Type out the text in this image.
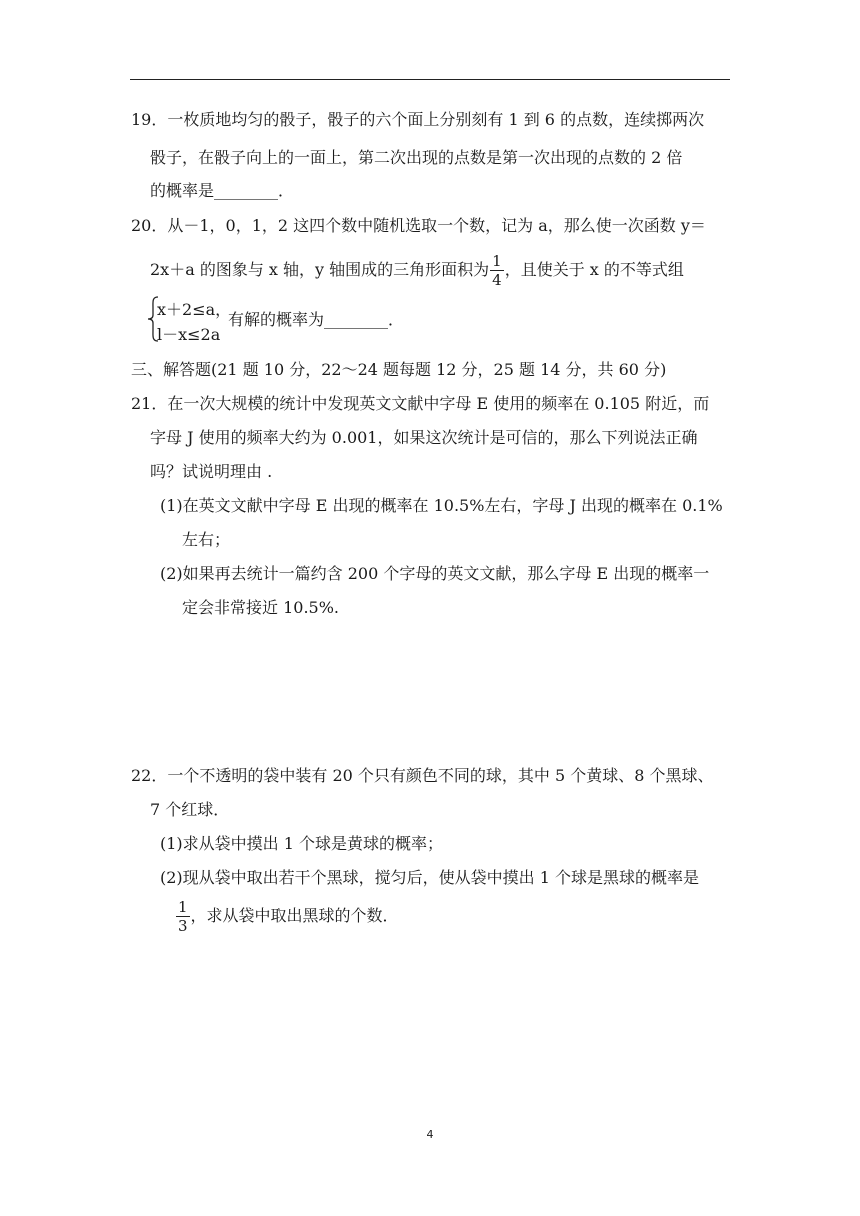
19．一枚质地均匀的骰子，骰子的六个面上分别刻有 1 到 6 的点数，连续掷两次
骰子，在骰子向上的一面上，第二次出现的点数是第一次出现的点数的 2 倍
的概率是________．
20．从－1，0，1，2 这四个数中随机选取一个数，记为 a，那么使一次函数 y＝
2x＋a 的图象与 x 轴，y 轴围成的三角形面积为 $\frac{1}{4}$ ，且使关于 x 的不等式组
x＋2≤a，
l－x≤2a
有解的概率为________．
三、解答题(21 题 10 分，22～24 题每题 12 分，25 题 14 分，共 60 分)
21．在一次大规模的统计中发现英文文献中字母 E 使用的频率在 0.105 附近，而
字母 J 使用的频率大约为 0.001，如果这次统计是可信的，那么下列说法正确
吗？试说明理由 .
(1)在英文文献中字母 E 出现的概率在 10.5%左右，字母 J 出现的概率在 0.1%
左右；
(2)如果再去统计一篇约含 200 个字母的英文文献，那么字母 E 出现的概率一
定会非常接近 10.5%.
22．一个不透明的袋中装有 20 个只有颜色不同的球，其中 5 个黄球、8 个黑球、
7 个红球．
(1)求从袋中摸出 1 个球是黄球的概率；
(2)现从袋中取出若干个黑球，搅匀后，使从袋中摸出 1 个球是黑球的概率是
$\frac{1}{3}$ ，求从袋中取出黑球的个数．
4
